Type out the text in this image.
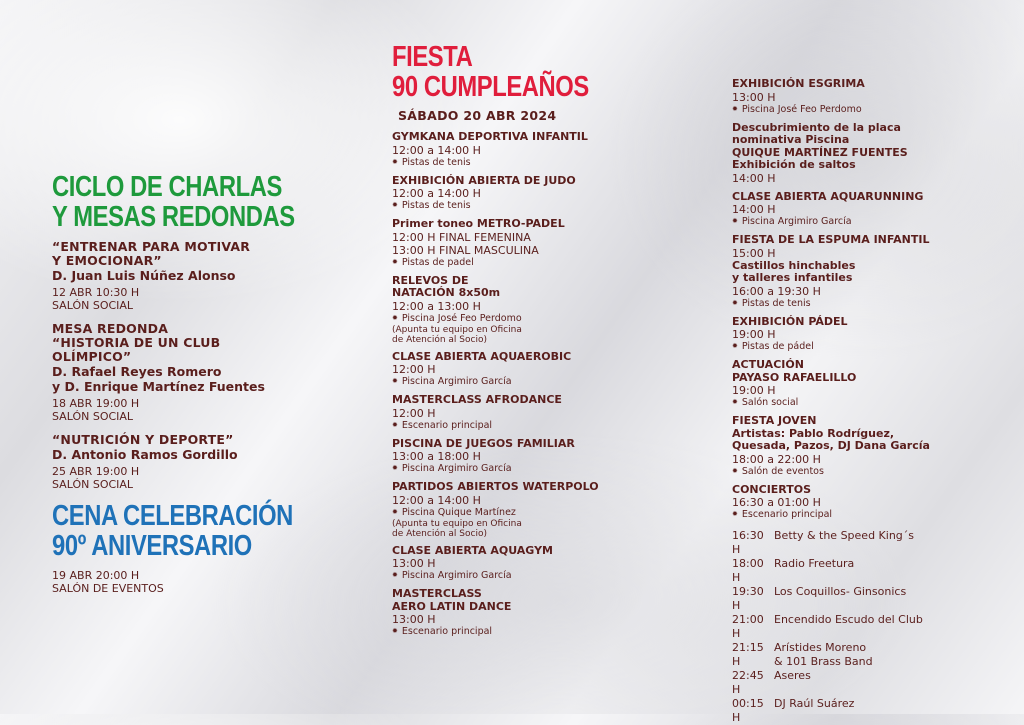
CICLO DE CHARLAS
Y MESAS REDONDAS
“ENTRENAR PARA MOTIVAR
Y EMOCIONAR”
D. Juan Luis Núñez Alonso
12 ABR 10:30 H
SALÓN SOCIAL
MESA REDONDA
“HISTORIA DE UN CLUB
OLÍMPICO”
D. Rafael Reyes Romero
y D. Enrique Martínez Fuentes
18 ABR 19:00 H
SALÓN SOCIAL
“NUTRICIÓN Y DEPORTE”
D. Antonio Ramos Gordillo
25 ABR 19:00 H
SALÓN SOCIAL
CENA CELEBRACIÓN
90º ANIVERSARIO
19 ABR 20:00 H
SALÓN DE EVENTOS
FIESTA
90 CUMPLEAÑOS
SÁBADO 20 ABR 2024
GYMKANA DEPORTIVA INFANTIL
12:00 a 14:00 H
✹ Pistas de tenis
EXHIBICIÓN ABIERTA DE JUDO
12:00 a 14:00 H
✹ Pistas de tenis
Primer toneo METRO-PADEL
12:00 H FINAL FEMENINA
13:00 H FINAL MASCULINA
✹ Pistas de padel
RELEVOS DE
NATACIÓN 8x50m
12:00 a 13:00 H
✹ Piscina José Feo Perdomo
(Apunta tu equipo en Oficina
de Atención al Socio)
CLASE ABIERTA AQUAEROBIC
12:00 H
✹ Piscina Argimiro García
MASTERCLASS AFRODANCE
12:00 H
✹ Escenario principal
PISCINA DE JUEGOS FAMILIAR
13:00 a 18:00 H
✹ Piscina Argimiro García
PARTIDOS ABIERTOS WATERPOLO
12:00 a 14:00 H
✹ Piscina Quique Martínez
(Apunta tu equipo en Oficina
de Atención al Socio)
CLASE ABIERTA AQUAGYM
13:00 H
✹ Piscina Argimiro García
MASTERCLASS
AERO LATIN DANCE
13:00 H
✹ Escenario principal
EXHIBICIÓN ESGRIMA
13:00 H
✹ Piscina José Feo Perdomo
Descubrimiento de la placa
nominativa Piscina
QUIQUE MARTÍNEZ FUENTES
Exhibición de saltos
14:00 H
CLASE ABIERTA AQUARUNNING
14:00 H
✹ Piscina Argimiro García
FIESTA DE LA ESPUMA INFANTIL
15:00 H
Castillos hinchables
y talleres infantiles
16:00 a 19:30 H
✹ Pistas de tenis
EXHIBICIÓN PÁDEL
19:00 H
✹ Pistas de pádel
ACTUACIÓN
PAYASO RAFAELILLO
19:00 H
✹ Salón social
FIESTA JOVEN
Artistas: Pablo Rodríguez,
Quesada, Pazos, DJ Dana García
18:00 a 22:00 H
✹ Salón de eventos
CONCIERTOS
16:30 a 01:00 H
✹ Escenario principal
16:30 H
Betty & the Speed King´s
18:00 H
Radio Freetura
19:30 H
Los Coquillos- Ginsonics
21:00 H
Encendido Escudo del Club
21:15 H
Arístides Moreno
& 101 Brass Band
22:45 H
Aseres
00:15 H
DJ Raúl Suárez
